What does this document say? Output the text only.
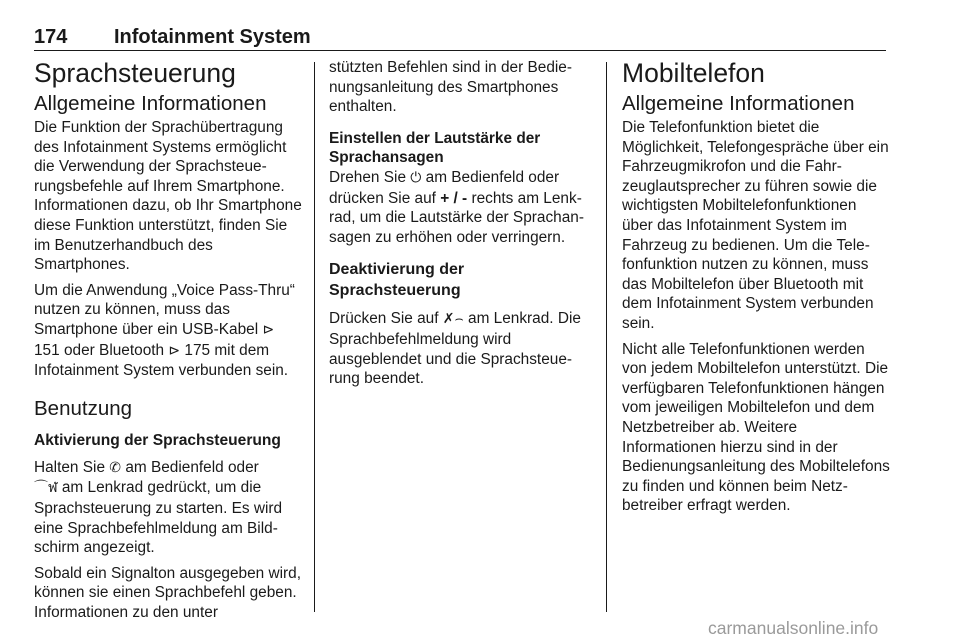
174 Infotainment System
Sprachsteuerung
Allgemeine Informationen

Die Funktion der Sprachübertragung des Infotainment Systems ermöglicht die Verwendung der Sprachsteuerungsbefehle auf Ihrem Smartphone. Informationen dazu, ob Ihr Smartphone diese Funktion unterstützt, finden Sie im Benutzerhandbuch des Smartphones.

Um die Anwendung „Voice Pass-Thru“ nutzen zu können, muss das Smartphone über ein USB-Kabel ⊳ 151 oder Bluetooth ⊳ 175 mit dem Infotainment System verbunden sein.

Benutzung
Aktivierung der Sprachsteuerung

Halten Sie ✆ am Bedienfeld oder
⌒ฬ am Lenkrad gedrückt, um die Sprachsteuerung zu starten. Es wird eine Sprachbefehlmeldung am Bildschirm angezeigt.

Sobald ein Signalton ausgegeben wird, können sie einen Sprachbefehl geben. Informationen zu den unter

stützten Befehlen sind in der Bedienungsanleitung des Smartphones enthalten.

Einstellen der Lautstärke der Sprachansagen

Drehen Sie ⏻ am Bedienfeld oder drücken Sie auf + / - rechts am Lenkrad, um die Lautstärke der Sprachansagen zu erhöhen oder verringern.

Deaktivierung der Sprachsteuerung

Drücken Sie auf ✗⌢ am Lenkrad. Die Sprachbefehlmeldung wird ausgeblendet und die Sprachsteuerung beendet.

Mobiltelefon
Allgemeine Informationen

Die Telefonfunktion bietet die Möglichkeit, Telefongespräche über ein Fahrzeugmikrofon und die Fahrzeuglautsprecher zu führen sowie die wichtigsten Mobiltelefonfunktionen über das Infotainment System im Fahrzeug zu bedienen. Um die Telefonfunktion nutzen zu können, muss das Mobiltelefon über Bluetooth mit dem Infotainment System verbunden sein.

Nicht alle Telefonfunktionen werden von jedem Mobiltelefon unterstützt. Die verfügbaren Telefonfunktionen hängen vom jeweiligen Mobiltelefon und dem Netzbetreiber ab. Weitere Informationen hierzu sind in der Bedienungsanleitung des Mobiltelefons zu finden und können beim Netzbetreiber erfragt werden.

carmanualsonline.info
